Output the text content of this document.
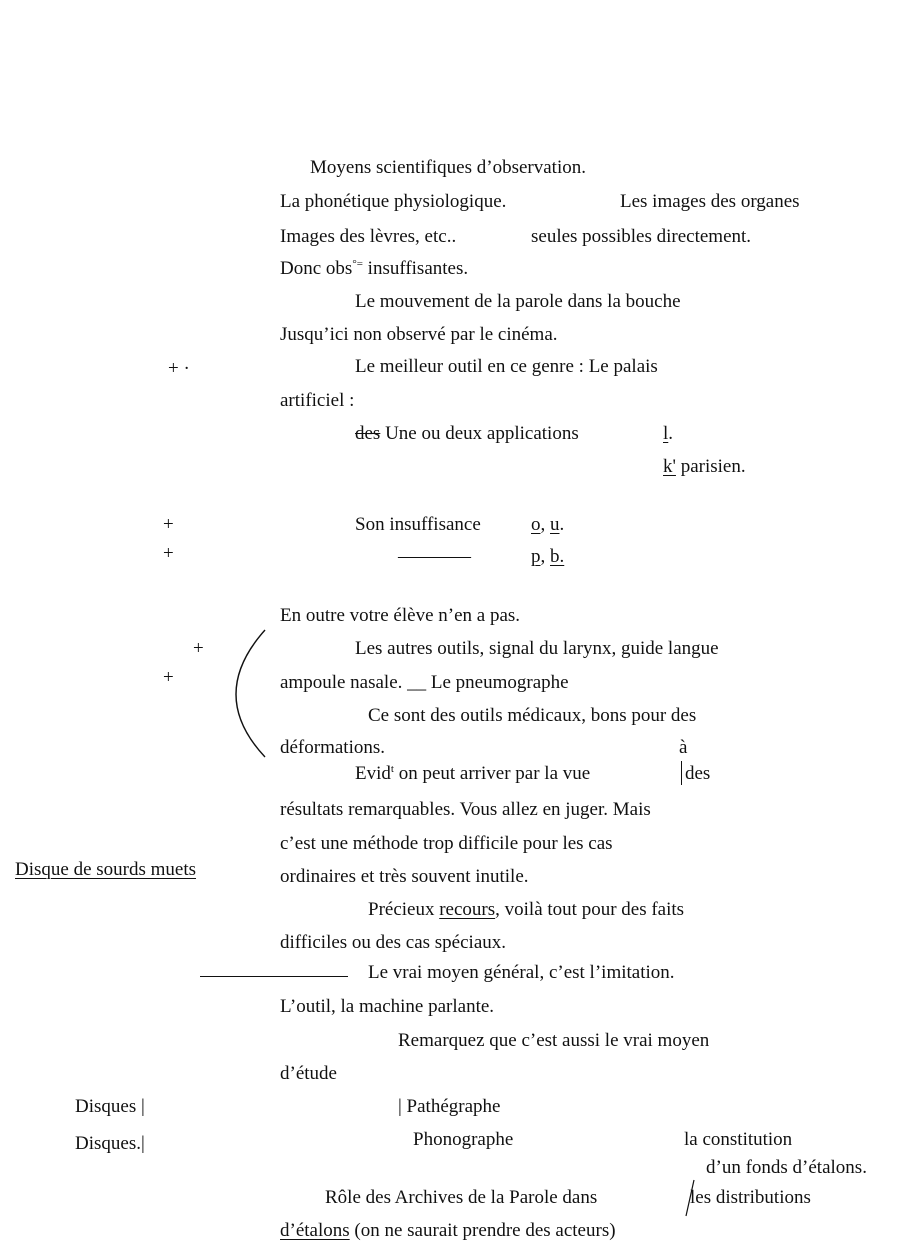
Moyens scientifiques d’observation.
La phonétique physiologique.	Les images des organes
Images des lèvres, etc..	seules possibles directement.
Donc obs°= insuffisantes.
Le mouvement de la parole dans la bouche
Jusqu’ici non observé par le cinéma.
Le meilleur outil en ce genre : Le palais
artificiel :
des Une ou deux applications	l.
k' parisien.
Son insuffisance	o, u.
————	p, b.
En outre votre élève n’en a pas.
Les autres outils, signal du larynx, guide langue
ampoule nasale. __ Le pneumographe
Ce sont des outils médicaux, bons pour des
déformations.	à
Evid$^t$ on peut arriver par la vue	des
résultats remarquables. Vous allez en juger. Mais
c’est une méthode trop difficile pour les cas
ordinaires et très souvent inutile.
Précieux recours, voilà tout pour des faits
difficiles ou des cas spéciaux.
Le vrai moyen général, c’est l’imitation.
L’outil, la machine parlante.
Remarquez que c’est aussi le vrai moyen
d’étude
| Pathégraphe
Phonographe	la constitution
d’un fonds d’étalons.
Rôle des Archives de la Parole dans	les distributions
d’étalons (on ne saurait prendre des acteurs)
+ ·
+
+
+
+
Disque de sourds muets
Disques |
Disques.|
